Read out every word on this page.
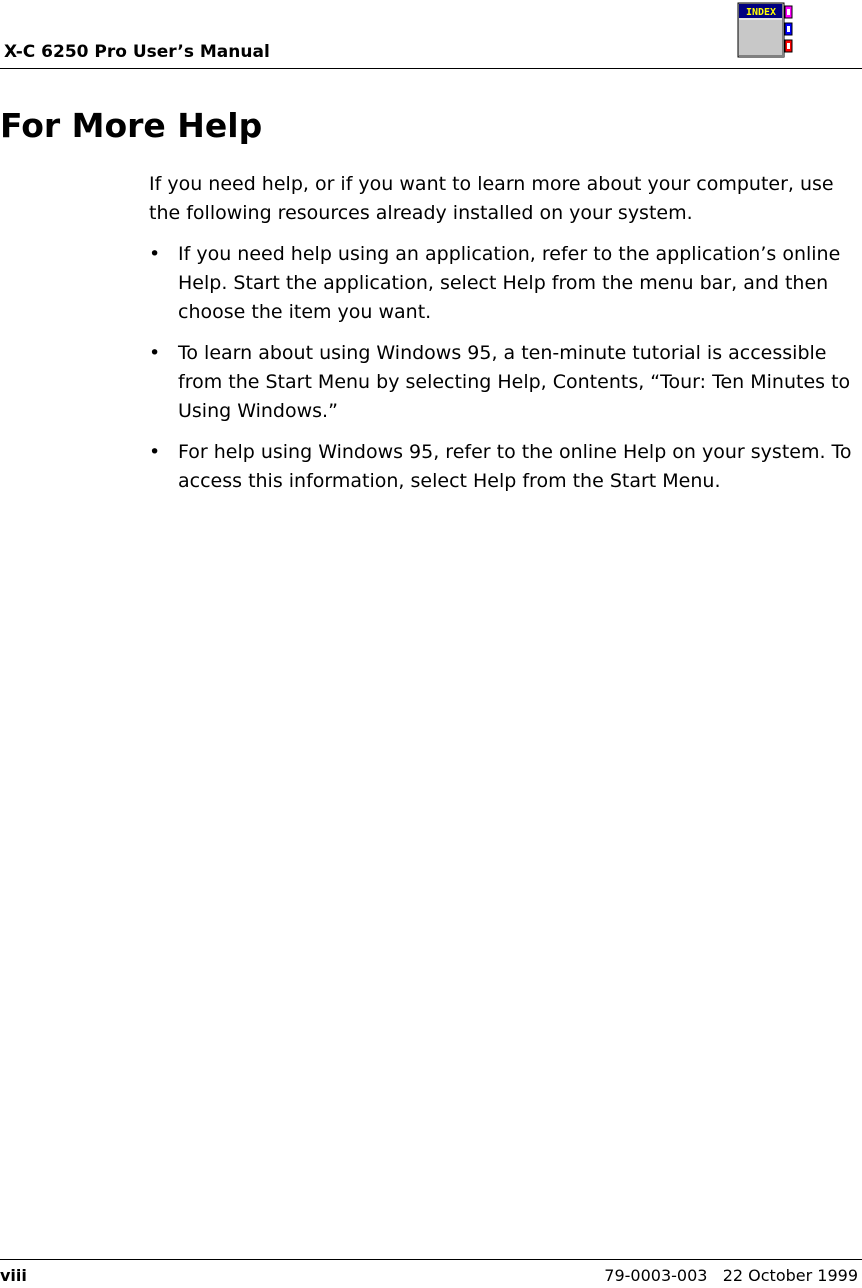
X-C 6250 Pro User’s Manual
INDEX
For More Help

If you need help, or if you want to learn more about your computer, use the following resources already installed on your system.

• If you need help using an application, refer to the application’s online Help. Start the application, select Help from the menu bar, and then choose the item you want.
• To learn about using Windows 95, a ten-minute tutorial is accessible from the Start Menu by selecting Help, Contents, “Tour: Ten Minutes to Using Windows.”
• For help using Windows 95, refer to the online Help on your system. To access this information, select Help from the Start Menu.
viii	79-0003-003 22 October 1999
